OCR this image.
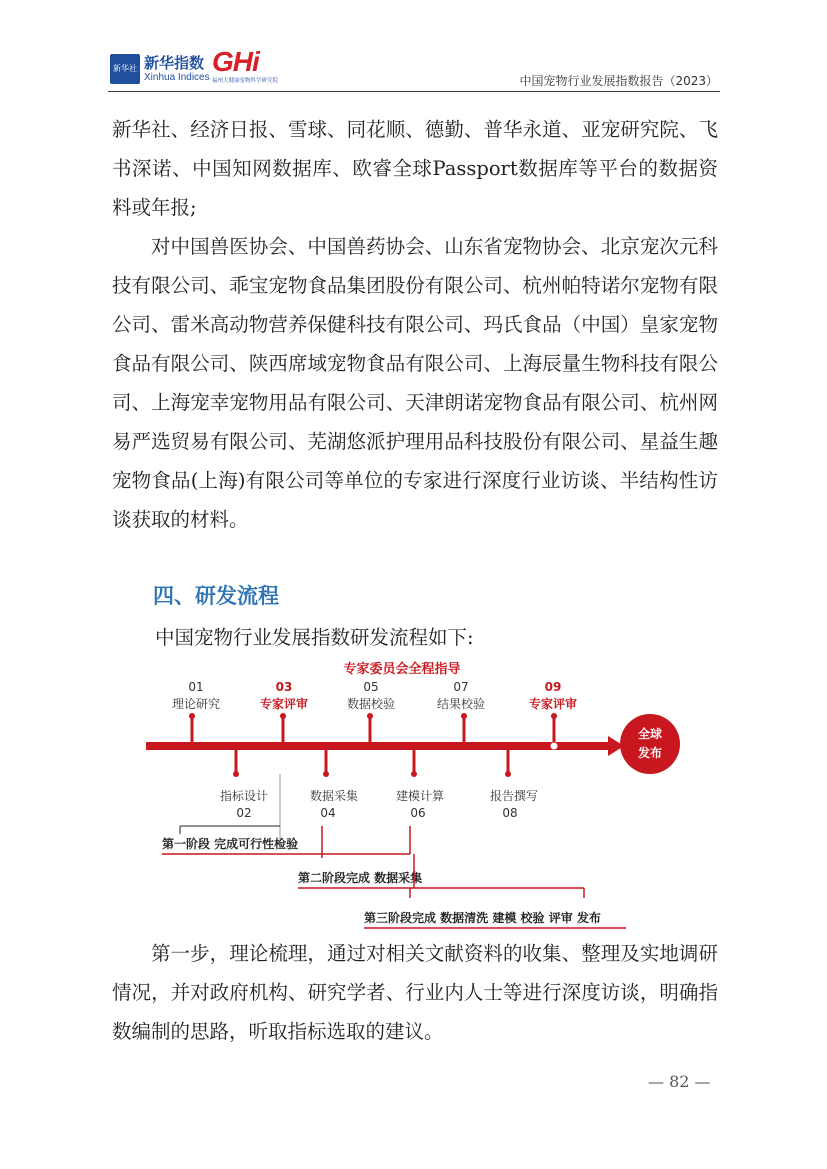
新华社 新华指数
Xinhua Indices
GHi
福州大健康宠物科学研究院	中国宠物行业发展指数报告（2023）

新华社、经济日报、雪球、同花顺、德勤、普华永道、亚宠研究院、飞书深诺、中国知网数据库、欧睿全球Passport数据库等平台的数据资料或年报;

对中国兽医协会、中国兽药协会、山东省宠物协会、北京宠次元科技有限公司、乖宝宠物食品集团股份有限公司、杭州帕特诺尔宠物有限公司、雷米高动物营养保健科技有限公司、玛氏食品（中国）皇家宠物食品有限公司、陕西席域宠物食品有限公司、上海辰量生物科技有限公司、上海宠幸宠物用品有限公司、天津朗诺宠物食品有限公司、杭州网易严选贸易有限公司、芜湖悠派护理用品科技股份有限公司、星益生趣宠物食品(上海)有限公司等单位的专家进行深度行业访谈、半结构性访谈获取的材料。

四、研发流程

中国宠物行业发展指数研发流程如下:

专家委员会全程指导
01
理论研究
03
专家评审
05
数据校验
07
结果校验
09
专家评审
全球
发布
指标设计
02
数据采集
04
建模计算
06
报告撰写
08
第一阶段 完成可行性检验
第二阶段完成 数据采集
第三阶段完成 数据清洗 建模 校验 评审 发布

第一步，理论梳理，通过对相关文献资料的收集、整理及实地调研情况，并对政府机构、研究学者、行业内人士等进行深度访谈，明确指数编制的思路，听取指标选取的建议。

— 82 —
